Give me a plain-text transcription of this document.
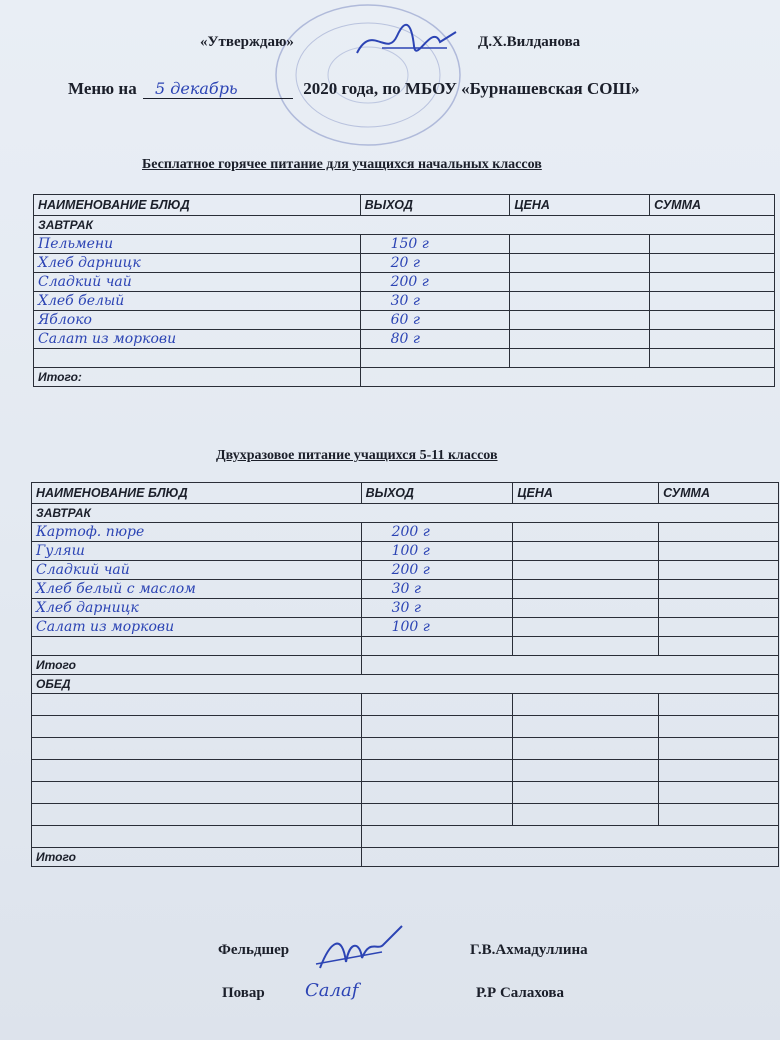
«Утверждаю»	Д.Х.Вилданова
Меню на 5 декабрь	2020 года, по МБОУ «Бурнашевская СОШ»
Бесплатное горячее питание для учащихся начальных классов
НАИМЕНОВАНИЕ БЛЮД	ВЫХОД	ЦЕНА	СУММА
ЗАВТРАК			
Пельмени	150 г		
Хлеб дарницк	20 г		
Сладкий чай	200 г		
Хлеб белый	30 г		
Яблоко	60 г		
Салат из моркови	80 г		

Итого:			
Двухразовое питание учащихся 5-11 классов
НАИМЕНОВАНИЕ БЛЮД	ВЫХОД	ЦЕНА	СУММА
ЗАВТРАК			
Картоф. пюре	200 г		
Гуляш	100 г		
Сладкий чай	200 г		
Хлеб белый с маслом	30 г		
Хлеб дарницк	30 г		
Салат из моркови	100 г		

Итого			
ОБЕД			

Итого			
Фельдшер	Г.В.Ахмадуллина
Повар Салаf	Р.Р Салахова
